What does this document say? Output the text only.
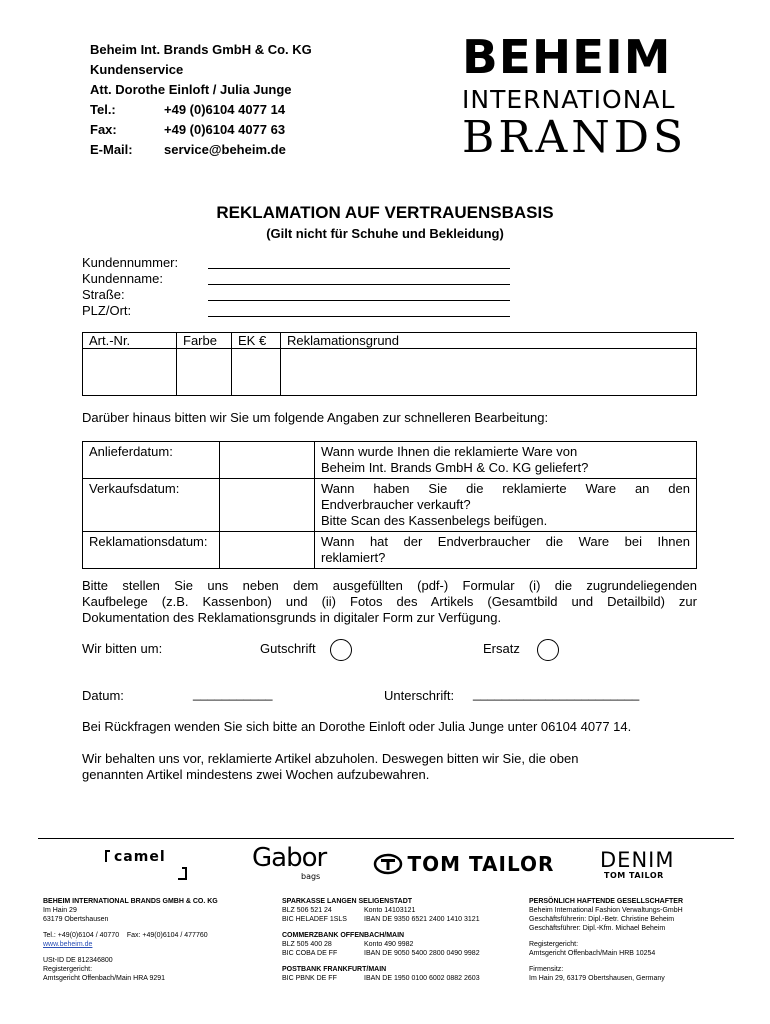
Beheim Int. Brands GmbH & Co. KG
Kundenservice
Att. Dorothe Einloft / Julia Junge
Tel.:	+49 (0)6104 4077 14
Fax:	+49 (0)6104 4077 63
E-Mail:	service@beheim.de
BEHEIM
INTERNATIONAL
BRANDS
REKLAMATION AUF VERTRAUENSBASIS
(Gilt nicht für Schuhe und Bekleidung)
Kundennummer:
Kundenname:
Straße:
PLZ/Ort:
Art.-Nr.	Farbe	EK €	Reklamationsgrund

Darüber hinaus bitten wir Sie um folgende Angaben zur schnelleren Bearbeitung:
Anlieferdatum:		Wann wurde Ihnen die reklamierte Ware von
Beheim Int. Brands GmbH & Co. KG geliefert?

Verkaufsdatum:		Wann haben Sie die reklamierte Ware an den
Endverbraucher verkauft?
Bitte Scan des Kassenbelegs beifügen.

Reklamationsdatum:		Wann hat der Endverbraucher die Ware bei Ihnen
reklamiert?
Bitte stellen Sie uns neben dem ausgefüllten (pdf-) Formular (i) die zugrundeliegenden
Kaufbelege (z.B. Kassenbon) und (ii) Fotos des Artikels (Gesamtbild und Detailbild) zur
Dokumentation des Reklamationsgrunds in digitaler Form zur Verfügung.
Wir bitten um:	Gutschrift	Ersatz
Datum:	___________	Unterschrift: _______________________
Bei Rückfragen wenden Sie sich bitte an Dorothe Einloft oder Julia Junge unter 06104 4077 14.
Wir behalten uns vor, reklamierte Artikel abzuholen. Deswegen bitten wir Sie, die oben
genannten Artikel mindestens zwei Wochen aufzubewahren.
camel	Gabor
bags
TOM TAILOR DENIM
TOM TAILOR
BEHEIM INTERNATIONAL BRANDS GMBH & CO. KG
Im Hain 29
63179 Obertshausen
Tel.: +49(0)6104 / 40770 Fax: +49(0)6104 / 477760
www.beheim.de
USt-ID DE 812346800
Registergericht:
Amtsgericht Offenbach/Main HRA 9291
SPARKASSE LANGEN SELIGENSTADT
BLZ 506 521 24	Konto 14103121
BIC HELADEF 1SLS IBAN DE 9350 6521 2400 1410 3121
COMMERZBANK OFFENBACH/MAIN
BLZ 505 400 28	Konto 490 9982
BIC COBA DE FF	IBAN DE 9050 5400 2800 0490 9982
POSTBANK FRANKFURT/MAIN
BIC PBNK DE FF	IBAN DE 1950 0100 6002 0882 2603
PERSÖNLICH HAFTENDE GESELLSCHAFTER
Beheim International Fashion Verwaltungs-GmbH
Geschäftsführerin: Dipl.-Betr. Christine Beheim
Geschäftsführer: Dipl.-Kfm. Michael Beheim
Registergericht:
Amtsgericht Offenbach/Main HRB 10254
Firmensitz:
Im Hain 29, 63179 Obertshausen, Germany
